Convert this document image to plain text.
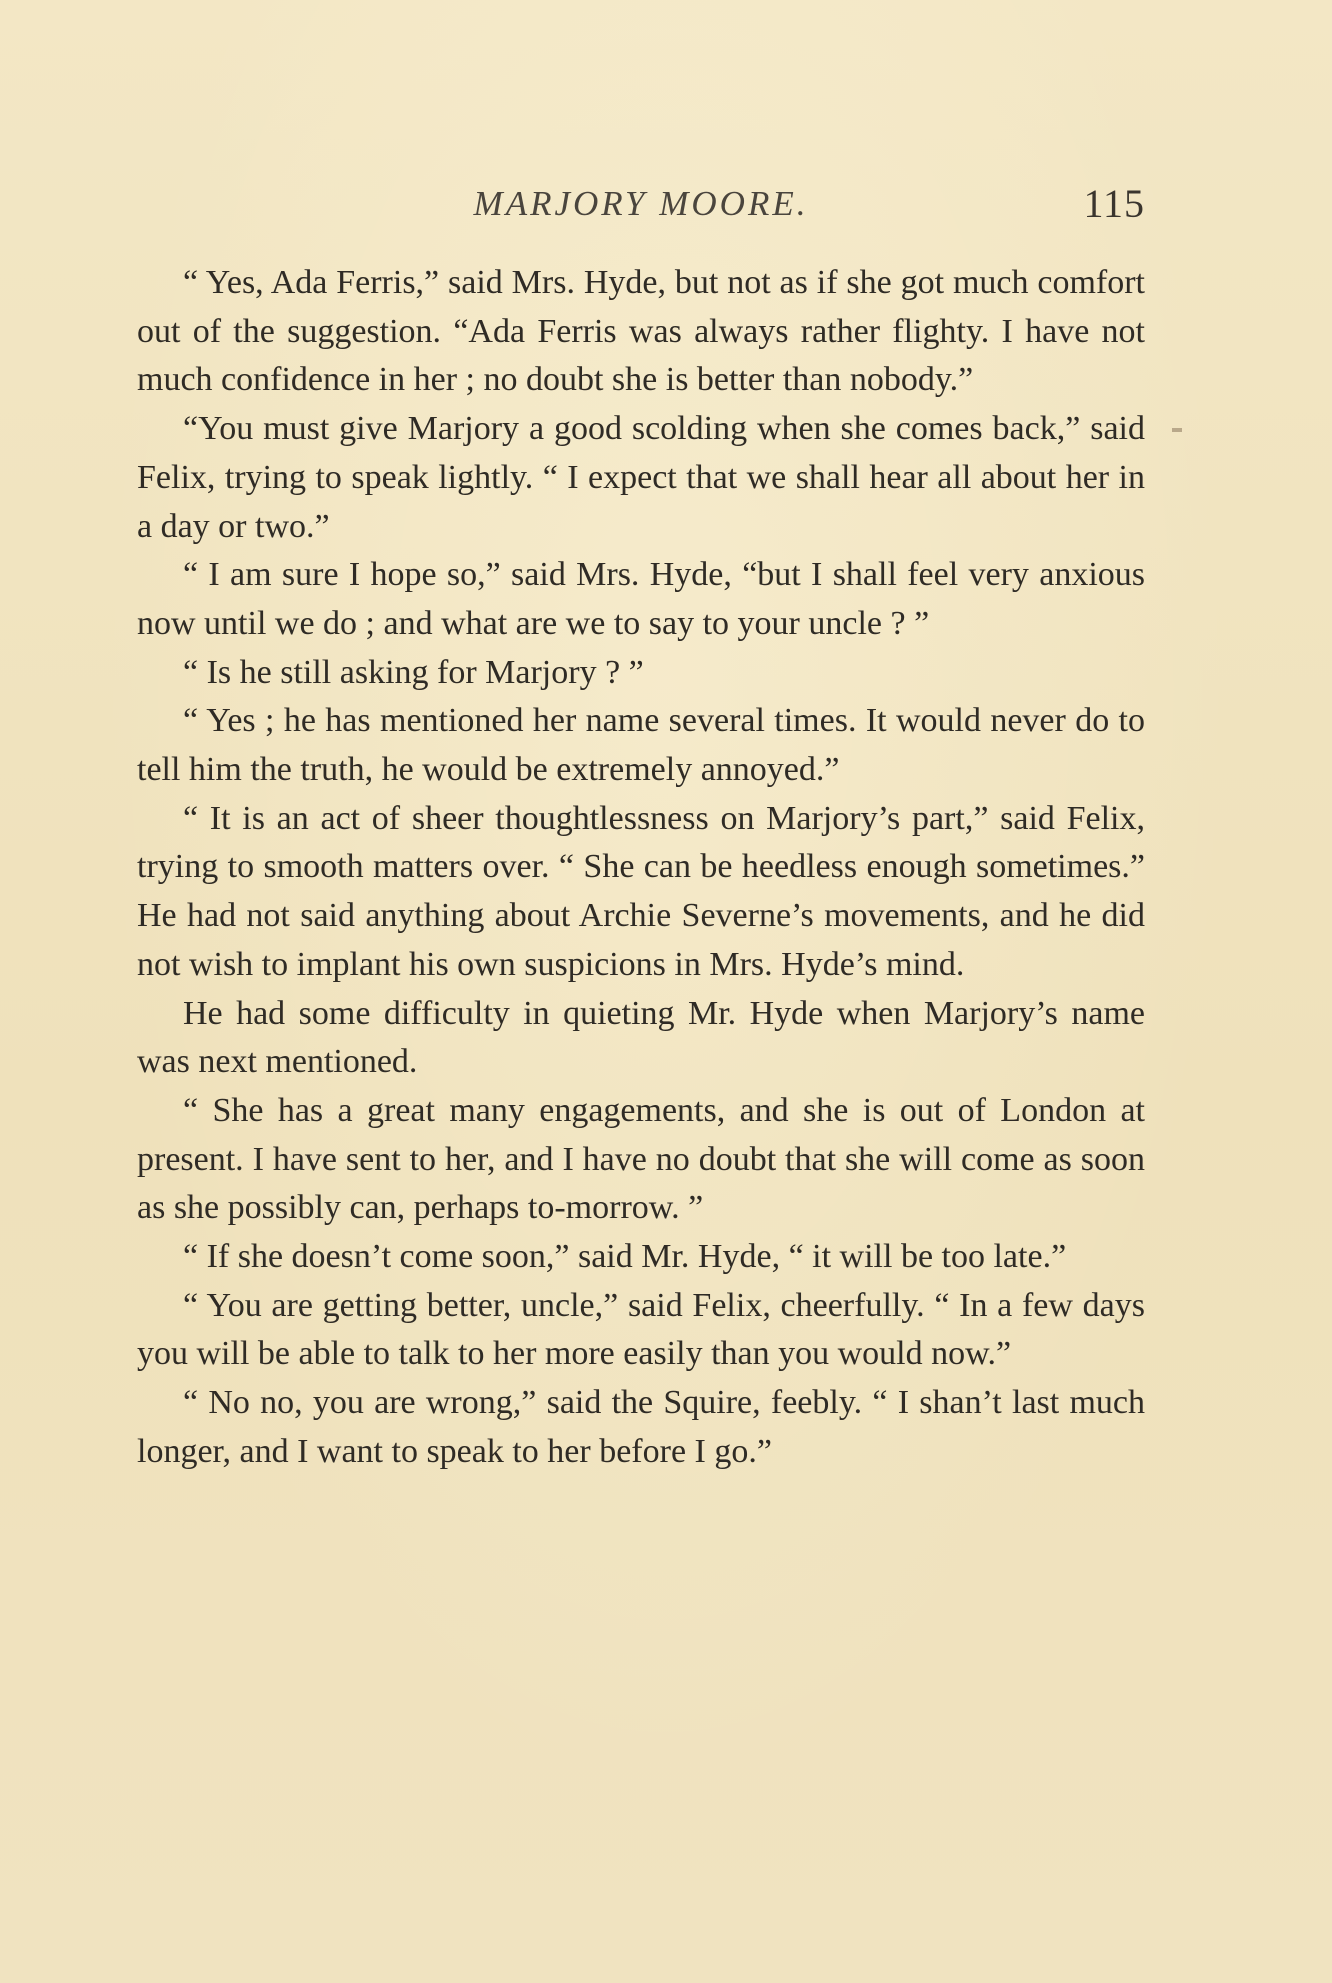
MARJORY MOORE.	115

“ Yes, Ada Ferris,” said Mrs. Hyde, but not as if she got much comfort out of the suggestion. “Ada Ferris was always rather flighty. I have not much confidence in her ; no doubt she is better than nobody.”

“You must give Marjory a good scolding when she comes back,” said Felix, trying to speak lightly. “ I expect that we shall hear all about her in a day or two.”

“ I am sure I hope so,” said Mrs. Hyde, “but I shall feel very anxious now until we do ; and what are we to say to your uncle ? ”

“ Is he still asking for Marjory ? ”

“ Yes ; he has mentioned her name several times. It would never do to tell him the truth, he would be extremely annoyed.”

“ It is an act of sheer thoughtlessness on Marjory’s part,” said Felix, trying to smooth matters over. “ She can be heedless enough sometimes.” He had not said anything about Archie Severne’s movements, and he did not wish to implant his own suspicions in Mrs. Hyde’s mind.

He had some difficulty in quieting Mr. Hyde when Marjory’s name was next mentioned.

“ She has a great many engagements, and she is out of London at present. I have sent to her, and I have no doubt that she will come as soon as she possibly can, perhaps to-morrow. ”

“ If she doesn’t come soon,” said Mr. Hyde, “ it will be too late.”

“ You are getting better, uncle,” said Felix, cheerfully. “ In a few days you will be able to talk to her more easily than you would now.”

“ No no, you are wrong,” said the Squire, feebly. “ I shan’t last much longer, and I want to speak to her before I go.”
